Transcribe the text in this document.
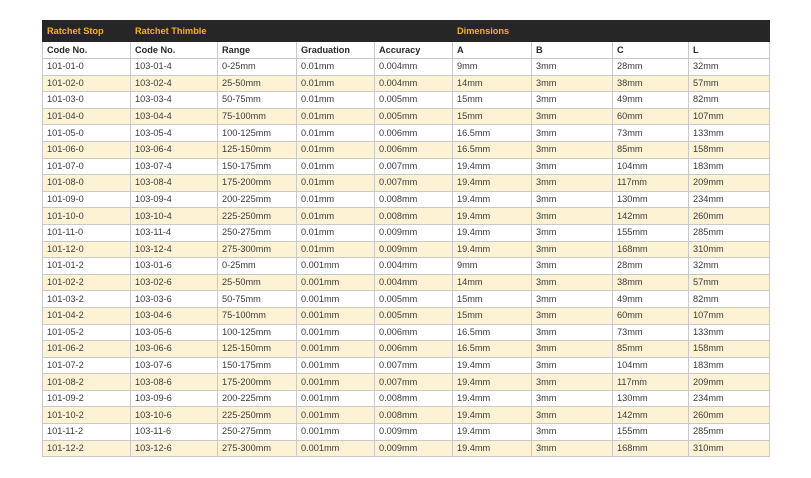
Ratchet Stop	Ratchet Thimble				Dimensions			
Code No.	Code No.	Range	Graduation	Accuracy	A	B	C	L
101-01-0	103-01-4	0-25mm	0.01mm	0.004mm	9mm	3mm	28mm	32mm
101-02-0	103-02-4	25-50mm	0.01mm	0.004mm	14mm	3mm	38mm	57mm
101-03-0	103-03-4	50-75mm	0.01mm	0.005mm	15mm	3mm	49mm	82mm
101-04-0	103-04-4	75-100mm	0.01mm	0.005mm	15mm	3mm	60mm	107mm
101-05-0	103-05-4	100-125mm	0.01mm	0.006mm	16.5mm	3mm	73mm	133mm
101-06-0	103-06-4	125-150mm	0.01mm	0.006mm	16.5mm	3mm	85mm	158mm
101-07-0	103-07-4	150-175mm	0.01mm	0.007mm	19.4mm	3mm	104mm	183mm
101-08-0	103-08-4	175-200mm	0.01mm	0.007mm	19.4mm	3mm	117mm	209mm
101-09-0	103-09-4	200-225mm	0.01mm	0.008mm	19.4mm	3mm	130mm	234mm
101-10-0	103-10-4	225-250mm	0.01mm	0.008mm	19.4mm	3mm	142mm	260mm
101-11-0	103-11-4	250-275mm	0.01mm	0.009mm	19.4mm	3mm	155mm	285mm
101-12-0	103-12-4	275-300mm	0.01mm	0.009mm	19.4mm	3mm	168mm	310mm
101-01-2	103-01-6	0-25mm	0.001mm	0.004mm	9mm	3mm	28mm	32mm
101-02-2	103-02-6	25-50mm	0.001mm	0.004mm	14mm	3mm	38mm	57mm
101-03-2	103-03-6	50-75mm	0.001mm	0.005mm	15mm	3mm	49mm	82mm
101-04-2	103-04-6	75-100mm	0.001mm	0.005mm	15mm	3mm	60mm	107mm
101-05-2	103-05-6	100-125mm	0.001mm	0.006mm	16.5mm	3mm	73mm	133mm
101-06-2	103-06-6	125-150mm	0.001mm	0.006mm	16.5mm	3mm	85mm	158mm
101-07-2	103-07-6	150-175mm	0.001mm	0.007mm	19.4mm	3mm	104mm	183mm
101-08-2	103-08-6	175-200mm	0.001mm	0.007mm	19.4mm	3mm	117mm	209mm
101-09-2	103-09-6	200-225mm	0.001mm	0.008mm	19.4mm	3mm	130mm	234mm
101-10-2	103-10-6	225-250mm	0.001mm	0.008mm	19.4mm	3mm	142mm	260mm
101-11-2	103-11-6	250-275mm	0.001mm	0.009mm	19.4mm	3mm	155mm	285mm
101-12-2	103-12-6	275-300mm	0.001mm	0.009mm	19.4mm	3mm	168mm	310mm
